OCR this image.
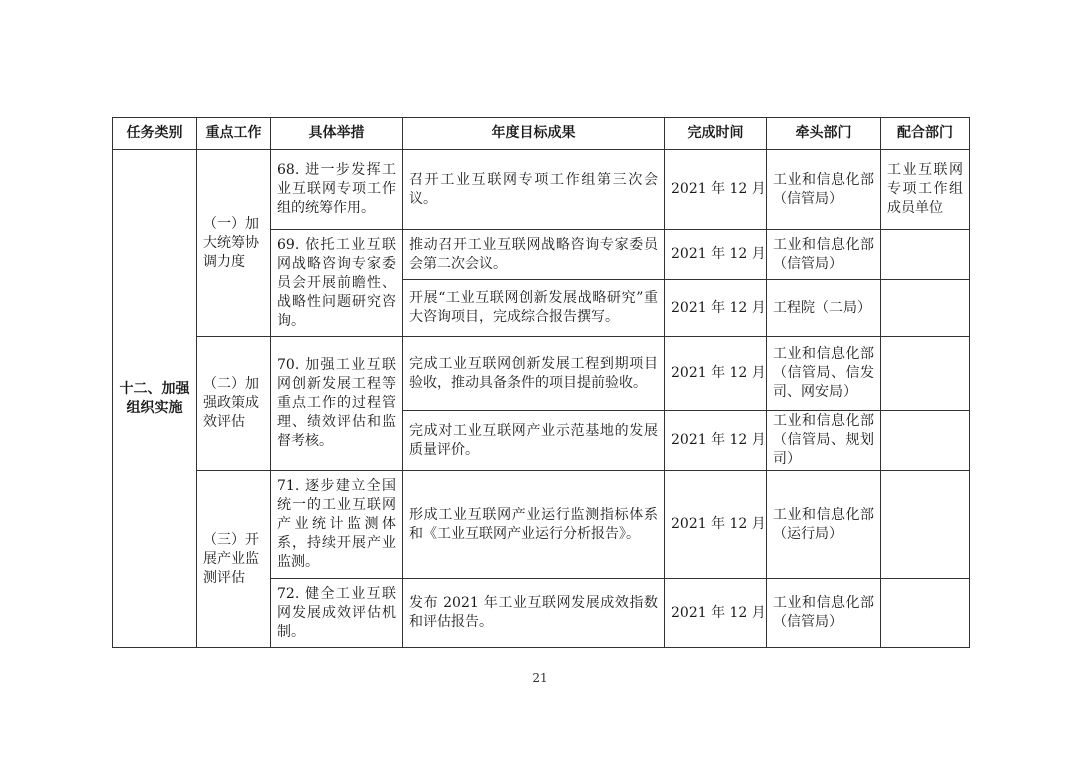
任务类别	重点工作	具体举措	年度目标成果	完成时间	牵头部门	配合部门
十二、加强组织实施	（一）加大统筹协调力度	68. 进一步发挥工业互联网专项工作组的统筹作用。	召开工业互联网专项工作组第三次会议。	2021 年 12 月	工业和信息化部（信管局）	工业互联网专项工作组成员单位
		69. 依托工业互联网战略咨询专家委员会开展前瞻性、战略性问题研究咨询。	推动召开工业互联网战略咨询专家委员会第二次会议。	2021 年 12 月	工业和信息化部（信管局）	
			开展“工业互联网创新发展战略研究”重大咨询项目，完成综合报告撰写。	2021 年 12 月	工程院（二局）	
	（二）加强政策成效评估	70. 加强工业互联网创新发展工程等重点工作的过程管理、绩效评估和监督考核。	完成工业互联网创新发展工程到期项目验收，推动具备条件的项目提前验收。	2021 年 12 月	工业和信息化部（信管局、信发司、网安局）	
			完成对工业互联网产业示范基地的发展质量评价。	2021 年 12 月	工业和信息化部（信管局、规划司）	
	（三）开展产业监测评估	71. 逐步建立全国统一的工业互联网产业统计监测体系，持续开展产业监测。	形成工业互联网产业运行监测指标体系和《工业互联网产业运行分析报告》。	2021 年 12 月	工业和信息化部（运行局）	
		72. 健全工业互联网发展成效评估机制。	发布 2021 年工业互联网发展成效指数和评估报告。	2021 年 12 月	工业和信息化部（信管局）	
21
